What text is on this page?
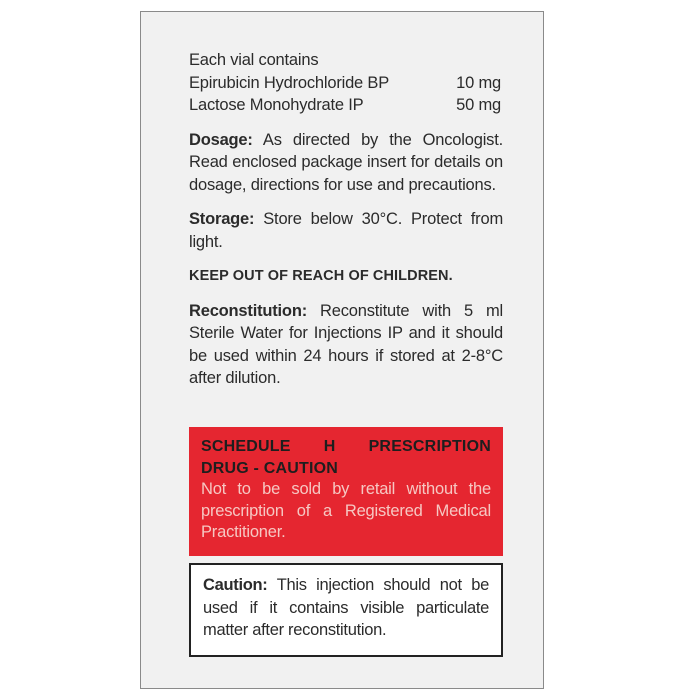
Each vial contains
Epirubicin Hydrochloride BP	10 mg
Lactose Monohydrate IP	50 mg
Dosage: As directed by the Oncologist. Read enclosed package insert for details on dosage, directions for use and precautions.
Storage: Store below 30°C. Protect from light.
KEEP OUT OF REACH OF CHILDREN.
Reconstitution: Reconstitute with 5 ml Sterile Water for Injections IP and it should be used within 24 hours if stored at 2-8°C after dilution.
SCHEDULE H PRESCRIPTION
DRUG - CAUTION
Not to be sold by retail without the prescription of a Registered Medical Practitioner.
Caution: This injection should not be used if it contains visible particulate matter after reconstitution.
